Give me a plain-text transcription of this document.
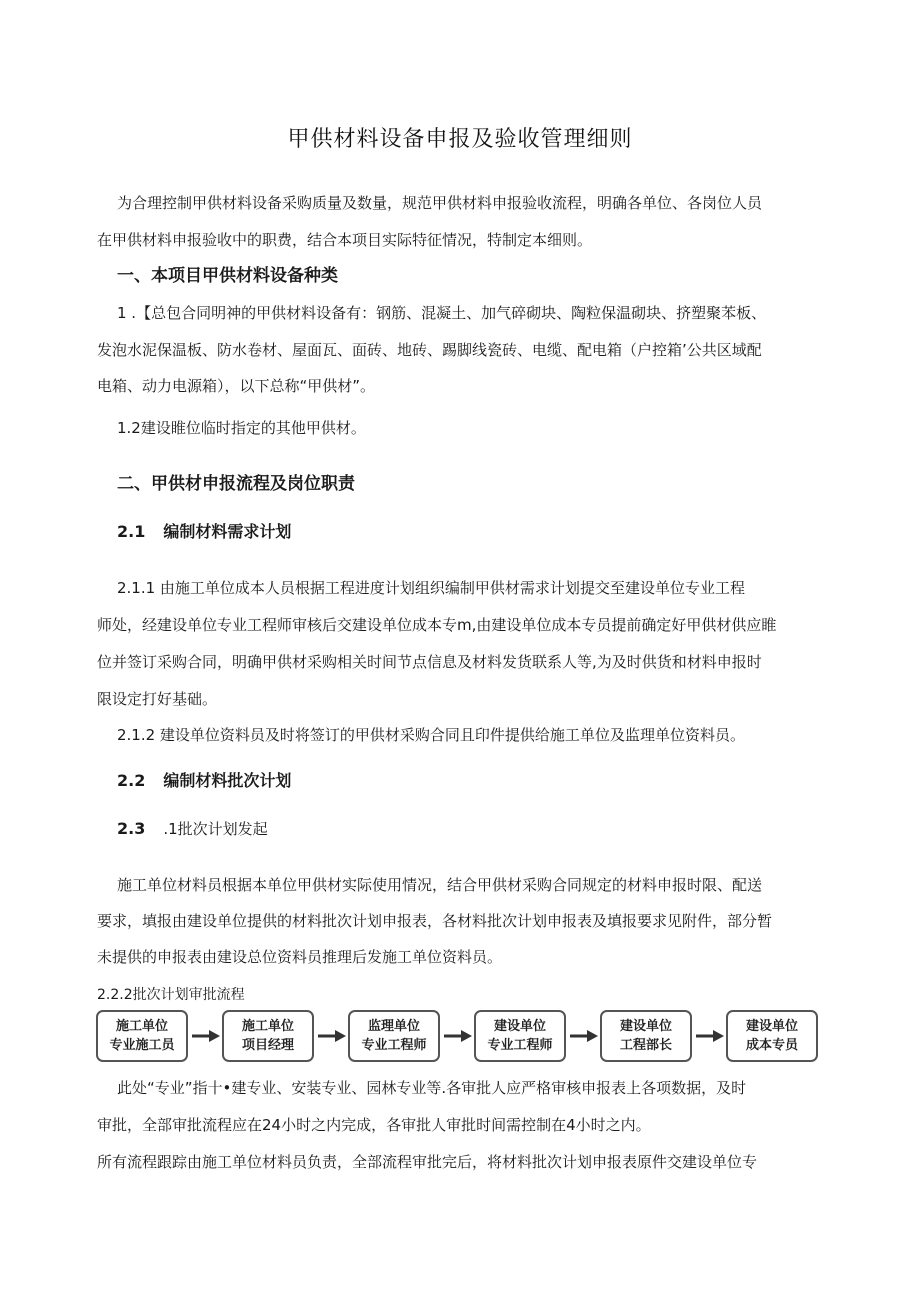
甲供材料设备申报及验收管理细则
为合理控制甲供材料设备采购质量及数量，规范甲供材料申报验收流程，明确各单位、各岗位人员
在甲供材料申报验收中的职费，结合本项目实际特征情况，特制定本细则。
一、本项目甲供材料设备种类
1 .【总包合同明神的甲供材料设备有：钢筋、混凝土、加气碎砌块、陶粒保温砌块、挤塑聚苯板、
发泡水泥保温板、防水卷材、屋面瓦、面砖、地砖、踢脚线瓷砖、电缆、配电箱（户控箱’公共区域配
电箱、动力电源箱），以下总称“甲供材”。
1.2建设睢位临时指定的其他甲供材。
二、甲供材申报流程及岗位职责
2.1 编制材料需求计划
2.1.1 由施工单位成本人员根据工程进度计划组织编制甲供材需求计划提交至建设单位专业工程
师处，经建设单位专业工程师审核后交建设单位成本专m,由建设单位成本专员提前确定好甲供材供应睢
位并签订采购合同，明确甲供材采购相关时间节点信息及材料发货联系人等,为及时供货和材料申报时
限设定打好基础。
2.1.2 建设单位资料员及时将签订的甲供材采购合同且印件提供给施工单位及监理单位资料员。
2.2 编制材料批次计划
2.3 .1批次计划发起
施工单位材料员根据本单位甲供材实际使用情况，结合甲供材采购合同规定的材料申报时限、配送
要求，填报由建设单位提供的材料批次计划申报表，各材料批次计划申报表及填报要求见附件，部分暂
未提供的申报表由建设总位资料员推理后发施工单位资料员。
2.2.2批次计划审批流程
施工单位
专业施工员
施工单位
项目经理
监理单位
专业工程师
建设单位
专业工程师
建设单位
工程部长
建设单位
成本专员
此处“专业”指十•建专业、安装专业、园林专业等.各审批人应严格审核申报表上各项数据，及时
审批，全部审批流程应在24小时之内完成，各审批人审批时间需控制在4小时之内。
所有流程跟踪由施工单位材料员负责，全部流程审批完后，将材料批次计划申报表原件交建设单位专
